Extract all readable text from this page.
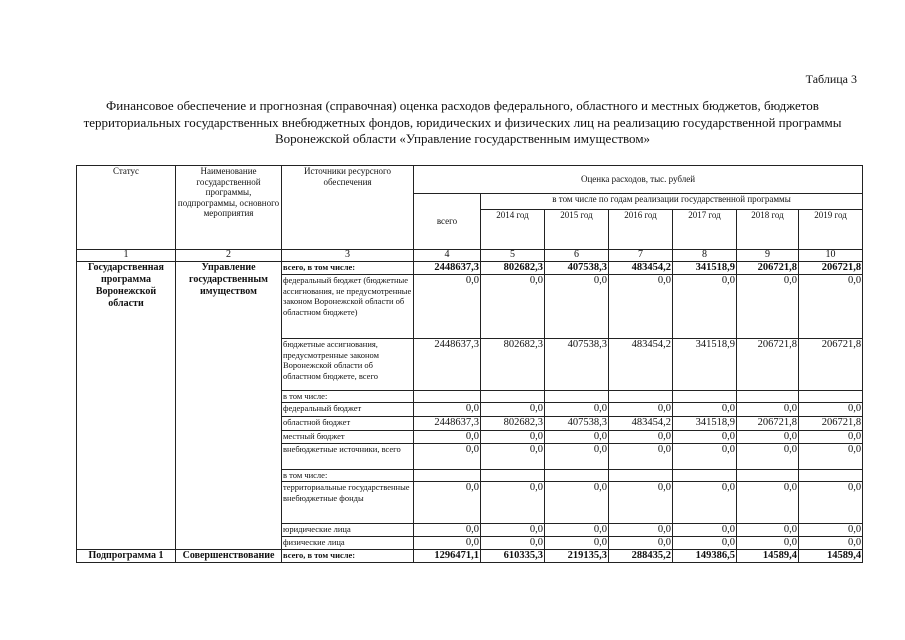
Таблица 3
Финансовое обеспечение и прогнозная (справочная) оценка расходов федерального, областного и местных бюджетов, бюджетов территориальных государственных внебюджетных фондов, юридических и физических лиц на реализацию государственной программы Воронежской области «Управление государственным имуществом»
Статус	Наименование государственной программы, подпрограммы, основного мероприятия	Источники ресурсного обеспечения	Оценка расходов, тыс. рублей						
			всего	в том числе по годам реализации государственной программы					
				2014 год	2015 год	2016 год	2017 год	2018 год	2019 год
1	2	3	4	5	6	7	8	9	10
Государственная программа Воронежской области	Управление государственным имуществом	всего, в том числе:	2448637,3	802682,3	407538,3	483454,2	341518,9	206721,8	206721,8
		федеральный бюджет (бюджетные ассигнования, не предусмотренные законом Воронежской области об областном бюджете)	0,0	0,0	0,0	0,0	0,0	0,0	0,0
		бюджетные ассигнования, предусмотренные законом Воронежской области об областном бюджете, всего	2448637,3	802682,3	407538,3	483454,2	341518,9	206721,8	206721,8
		в том числе:							
		федеральный бюджет	0,0	0,0	0,0	0,0	0,0	0,0	0,0
		областной бюджет	2448637,3	802682,3	407538,3	483454,2	341518,9	206721,8	206721,8
		местный бюджет	0,0	0,0	0,0	0,0	0,0	0,0	0,0
		внебюджетные источники, всего	0,0	0,0	0,0	0,0	0,0	0,0	0,0
		в том числе:							
		территориальные государственные внебюджетные фонды	0,0	0,0	0,0	0,0	0,0	0,0	0,0
		юридические лица	0,0	0,0	0,0	0,0	0,0	0,0	0,0
		физические лица	0,0	0,0	0,0	0,0	0,0	0,0	0,0
Подпрограмма 1	Совершенствование	всего, в том числе:	1296471,1	610335,3	219135,3	288435,2	149386,5	14589,4	14589,4
